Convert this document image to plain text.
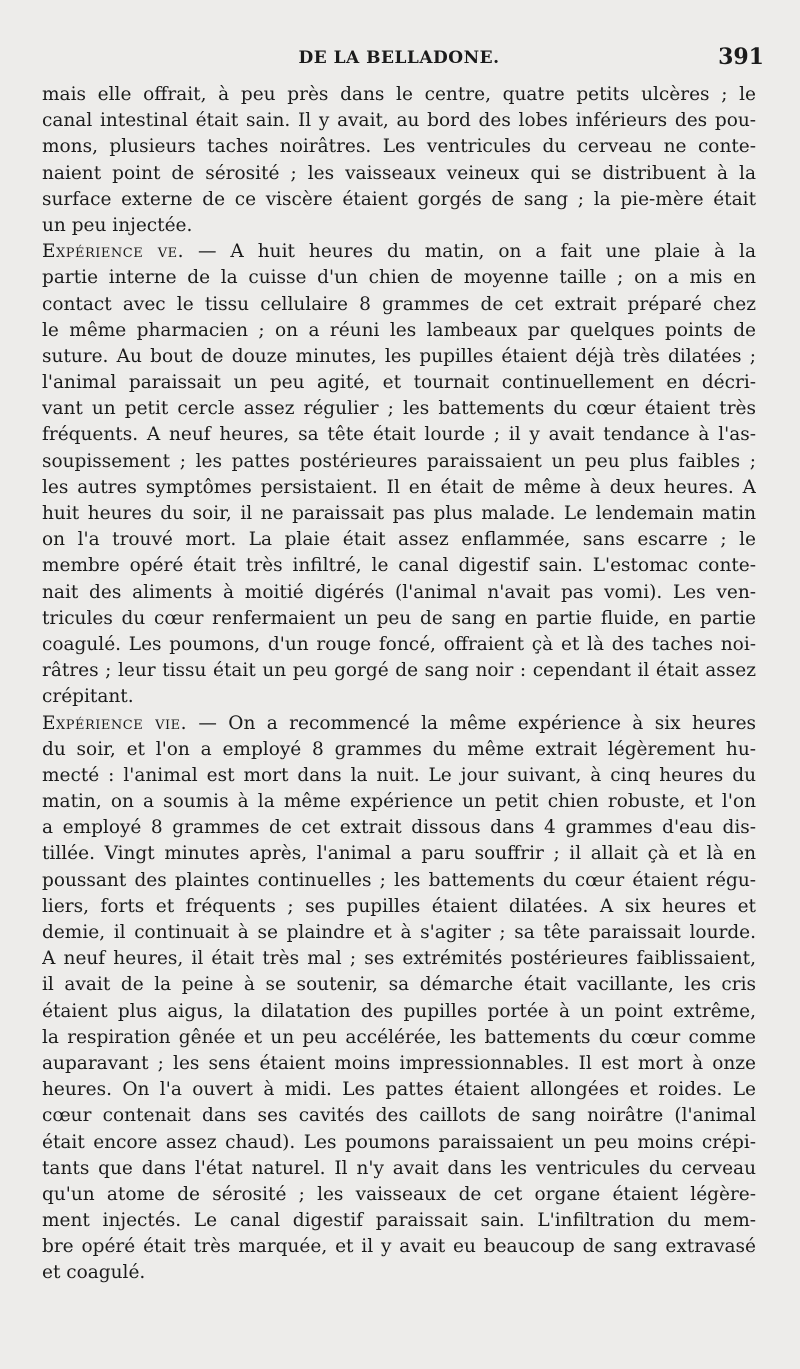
DE LA BELLADONE.	391
mais elle offrait, à peu près dans le centre, quatre petits ulcères ; le
canal intestinal était sain. Il y avait, au bord des lobes inférieurs des pou-
mons, plusieurs taches noirâtres. Les ventricules du cerveau ne conte-
naient point de sérosité ; les vaisseaux veineux qui se distribuent à la
surface externe de ce viscère étaient gorgés de sang ; la pie-mère était
un peu injectée.
Expérience ve. — A huit heures du matin, on a fait une plaie à la
partie interne de la cuisse d'un chien de moyenne taille ; on a mis en
contact avec le tissu cellulaire 8 grammes de cet extrait préparé chez
le même pharmacien ; on a réuni les lambeaux par quelques points de
suture. Au bout de douze minutes, les pupilles étaient déjà très dilatées ;
l'animal paraissait un peu agité, et tournait continuellement en décri-
vant un petit cercle assez régulier ; les battements du cœur étaient très
fréquents. A neuf heures, sa tête était lourde ; il y avait tendance à l'as-
soupissement ; les pattes postérieures paraissaient un peu plus faibles ;
les autres symptômes persistaient. Il en était de même à deux heures. A
huit heures du soir, il ne paraissait pas plus malade. Le lendemain matin
on l'a trouvé mort. La plaie était assez enflammée, sans escarre ; le
membre opéré était très infiltré, le canal digestif sain. L'estomac conte-
nait des aliments à moitié digérés (l'animal n'avait pas vomi). Les ven-
tricules du cœur renfermaient un peu de sang en partie fluide, en partie
coagulé. Les poumons, d'un rouge foncé, offraient çà et là des taches noi-
râtres ; leur tissu était un peu gorgé de sang noir : cependant il était assez
crépitant.
Expérience vie. — On a recommencé la même expérience à six heures
du soir, et l'on a employé 8 grammes du même extrait légèrement hu-
mecté : l'animal est mort dans la nuit. Le jour suivant, à cinq heures du
matin, on a soumis à la même expérience un petit chien robuste, et l'on
a employé 8 grammes de cet extrait dissous dans 4 grammes d'eau dis-
tillée. Vingt minutes après, l'animal a paru souffrir ; il allait çà et là en
poussant des plaintes continuelles ; les battements du cœur étaient régu-
liers, forts et fréquents ; ses pupilles étaient dilatées. A six heures et
demie, il continuait à se plaindre et à s'agiter ; sa tête paraissait lourde.
A neuf heures, il était très mal ; ses extrémités postérieures faiblissaient,
il avait de la peine à se soutenir, sa démarche était vacillante, les cris
étaient plus aigus, la dilatation des pupilles portée à un point extrême,
la respiration gênée et un peu accélérée, les battements du cœur comme
auparavant ; les sens étaient moins impressionnables. Il est mort à onze
heures. On l'a ouvert à midi. Les pattes étaient allongées et roides. Le
cœur contenait dans ses cavités des caillots de sang noirâtre (l'animal
était encore assez chaud). Les poumons paraissaient un peu moins crépi-
tants que dans l'état naturel. Il n'y avait dans les ventricules du cerveau
qu'un atome de sérosité ; les vaisseaux de cet organe étaient légère-
ment injectés. Le canal digestif paraissait sain. L'infiltration du mem-
bre opéré était très marquée, et il y avait eu beaucoup de sang extravasé
et coagulé.
